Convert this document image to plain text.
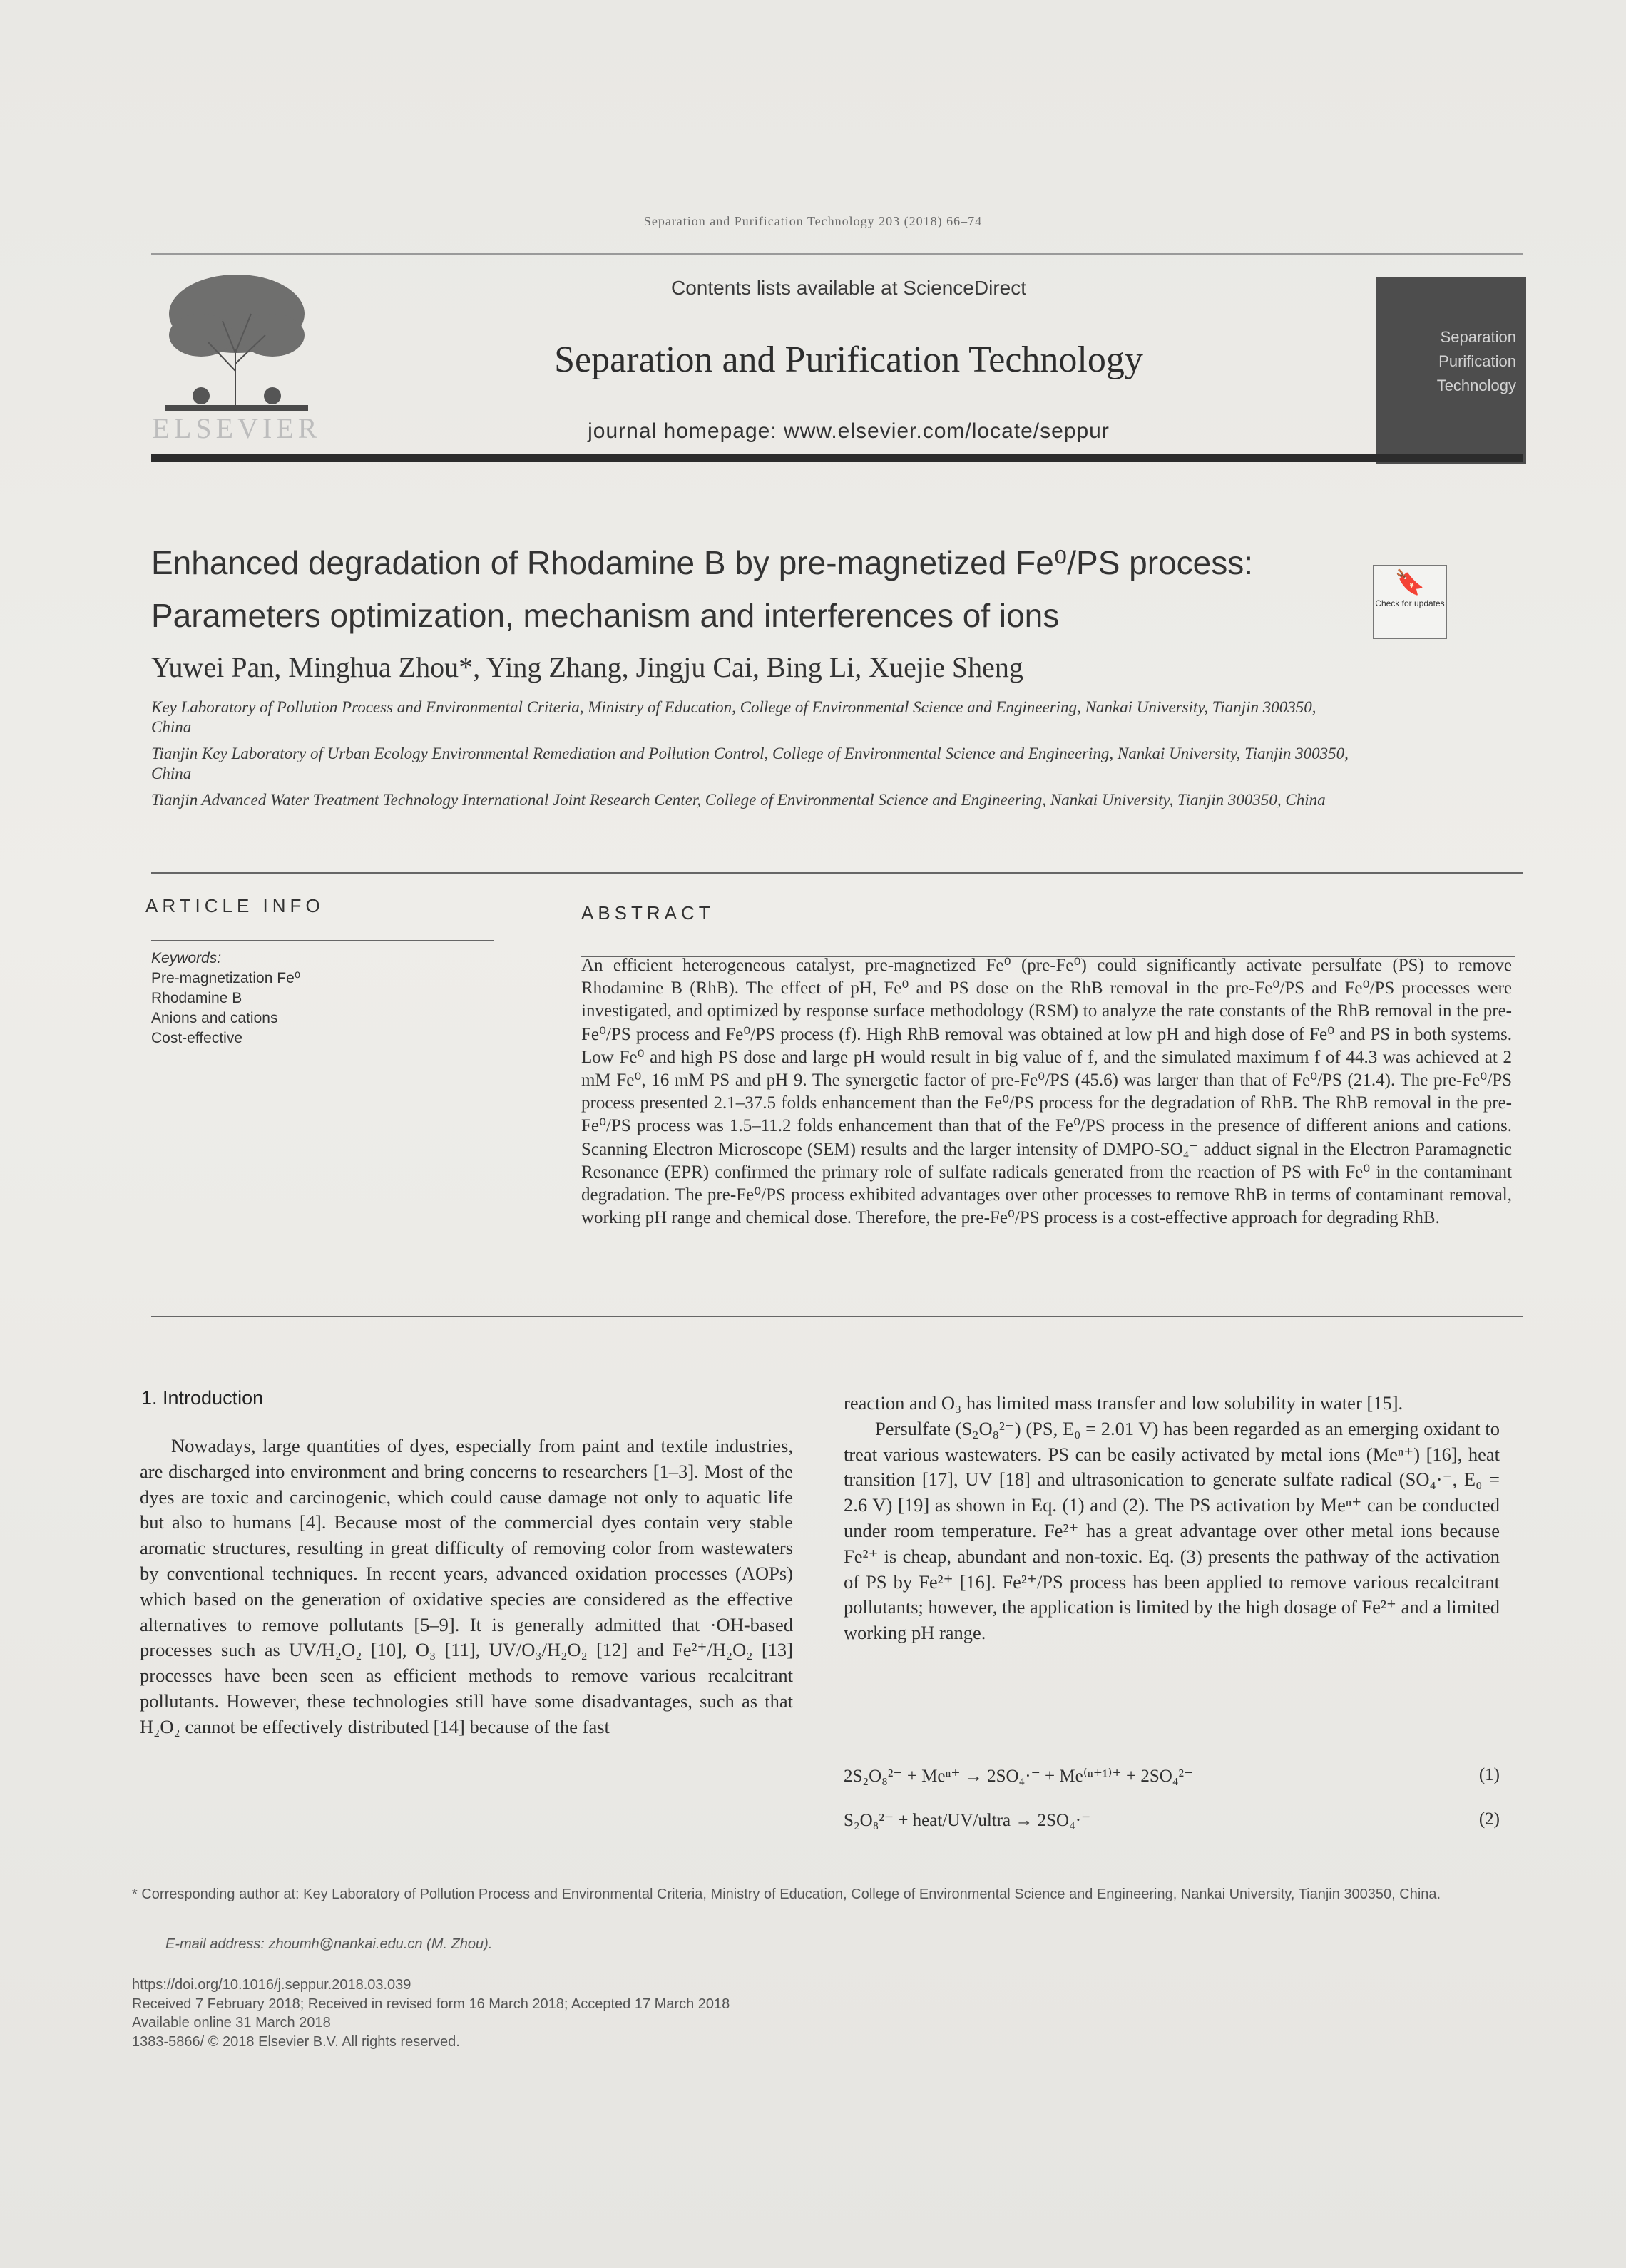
Separation and Purification Technology 203 (2018) 66–74
ELSEVIER
Contents lists available at ScienceDirect
Separation and Purification Technology
journal homepage: www.elsevier.com/locate/seppur
Separation
Purification
Technology
Enhanced degradation of Rhodamine B by pre-magnetized Fe⁰/PS process: Parameters optimization, mechanism and interferences of ions
🔖
Check for updates
Yuwei Pan, Minghua Zhou*, Ying Zhang, Jingju Cai, Bing Li, Xuejie Sheng
Key Laboratory of Pollution Process and Environmental Criteria, Ministry of Education, College of Environmental Science and Engineering, Nankai University, Tianjin 300350, China
Tianjin Key Laboratory of Urban Ecology Environmental Remediation and Pollution Control, College of Environmental Science and Engineering, Nankai University, Tianjin 300350, China
Tianjin Advanced Water Treatment Technology International Joint Research Center, College of Environmental Science and Engineering, Nankai University, Tianjin 300350, China
ARTICLE INFO
Keywords:
Pre-magnetization Fe⁰
Rhodamine B
Anions and cations
Cost-effective
ABSTRACT
An efficient heterogeneous catalyst, pre-magnetized Fe⁰ (pre-Fe⁰) could significantly activate persulfate (PS) to remove Rhodamine B (RhB). The effect of pH, Fe⁰ and PS dose on the RhB removal in the pre-Fe⁰/PS and Fe⁰/PS processes were investigated, and optimized by response surface methodology (RSM) to analyze the rate constants of the RhB removal in the pre-Fe⁰/PS process and Fe⁰/PS process (f). High RhB removal was obtained at low pH and high dose of Fe⁰ and PS in both systems. Low Fe⁰ and high PS dose and large pH would result in big value of f, and the simulated maximum f of 44.3 was achieved at 2 mM Fe⁰, 16 mM PS and pH 9. The synergetic factor of pre-Fe⁰/PS (45.6) was larger than that of Fe⁰/PS (21.4). The pre-Fe⁰/PS process presented 2.1–37.5 folds enhancement than the Fe⁰/PS process for the degradation of RhB. The RhB removal in the pre-Fe⁰/PS process was 1.5–11.2 folds enhancement than that of the Fe⁰/PS process in the presence of different anions and cations. Scanning Electron Microscope (SEM) results and the larger intensity of DMPO-SO₄⁻ adduct signal in the Electron Paramagnetic Resonance (EPR) confirmed the primary role of sulfate radicals generated from the reaction of PS with Fe⁰ in the contaminant degradation. The pre-Fe⁰/PS process exhibited advantages over other processes to remove RhB in terms of contaminant removal, working pH range and chemical dose. Therefore, the pre-Fe⁰/PS process is a cost-effective approach for degrading RhB.
1. Introduction

Nowadays, large quantities of dyes, especially from paint and textile industries, are discharged into environment and bring concerns to researchers [1–3]. Most of the dyes are toxic and carcinogenic, which could cause damage not only to aquatic life but also to humans [4]. Because most of the commercial dyes contain very stable aromatic structures, resulting in great difficulty of removing color from wastewaters by conventional techniques. In recent years, advanced oxidation processes (AOPs) which based on the generation of oxidative species are considered as the effective alternatives to remove pollutants [5–9]. It is generally admitted that ·OH-based processes such as UV/H₂O₂ [10], O₃ [11], UV/O₃/H₂O₂ [12] and Fe²⁺/H₂O₂ [13] processes have been seen as efficient methods to remove various recalcitrant pollutants. However, these technologies still have some disadvantages, such as that H₂O₂ cannot be effectively distributed [14] because of the fast

reaction and O₃ has limited mass transfer and low solubility in water [15].

Persulfate (S₂O₈²⁻) (PS, E₀ = 2.01 V) has been regarded as an emerging oxidant to treat various wastewaters. PS can be easily activated by metal ions (Meⁿ⁺) [16], heat transition [17], UV [18] and ultrasonication to generate sulfate radical (SO₄·⁻, E₀ = 2.6 V) [19] as shown in Eq. (1) and (2). The PS activation by Meⁿ⁺ can be conducted under room temperature. Fe²⁺ has a great advantage over other metal ions because Fe²⁺ is cheap, abundant and non-toxic. Eq. (3) presents the pathway of the activation of PS by Fe²⁺ [16]. Fe²⁺/PS process has been applied to remove various recalcitrant pollutants; however, the application is limited by the high dosage of Fe²⁺ and a limited working pH range.

2S₂O₈²⁻ + Meⁿ⁺ → 2SO₄·⁻ + Me⁽ⁿ⁺¹⁾⁺ + 2SO₄²⁻	(1)
S₂O₈²⁻ + heat/UV/ultra → 2SO₄·⁻	(2)
* Corresponding author at: Key Laboratory of Pollution Process and Environmental Criteria, Ministry of Education, College of Environmental Science and Engineering, Nankai University, Tianjin 300350, China.
E-mail address: zhoumh@nankai.edu.cn (M. Zhou).
https://doi.org/10.1016/j.seppur.2018.03.039
Received 7 February 2018; Received in revised form 16 March 2018; Accepted 17 March 2018
Available online 31 March 2018
1383-5866/ © 2018 Elsevier B.V. All rights reserved.
